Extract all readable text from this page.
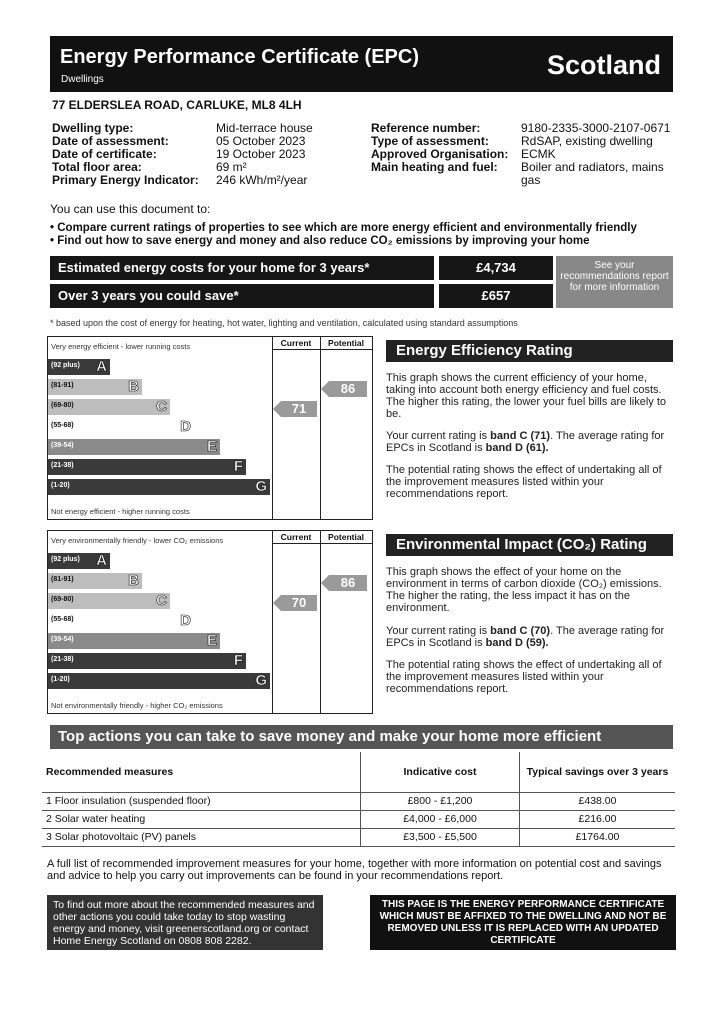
Energy Performance Certificate (EPC)
Dwellings	Scotland
77 ELDERSLEA ROAD, CARLUKE, ML8 4LH
Dwelling type:	Mid-terrace house
Date of assessment:	05 October 2023
Date of certificate:	19 October 2023
Total floor area:	69 m²
Primary Energy Indicator:	246 kWh/m²/year
Reference number:	9180-2335-3000-2107-0671
Type of assessment:	RdSAP, existing dwelling
Approved Organisation:	ECMK
Main heating and fuel:	Boiler and radiators, mains gas
You can use this document to:
• Compare current ratings of properties to see which are more energy efficient and environmentally friendly
• Find out how to save energy and money and also reduce CO₂ emissions by improving your home
Estimated energy costs for your home for 3 years*	£4,734
Over 3 years you could save*	£657
See your recommendations report for more information
* based upon the cost of energy for heating, hot water, lighting and ventilation, calculated using standard assumptions
Very energy efficient - lower running costs
Not energy efficient - higher running costs
Current	Potential
(92 plus) A
(81-91)	B
(69-80)	C
(55-68)	D
(39-54)	E
(21-38)	F
(1-20)	G
71
86
Very environmentally friendly - lower CO₂ emissions
Not environmentally friendly - higher CO₂ emissions
Current	Potential
(92 plus) A
(81-91)	B
(69-80)	C
(55-68)	D
(39-54)	E
(21-38)	F
(1-20)	G
70
86
Energy Efficiency Rating
This graph shows the current efficiency of your home, taking into account both energy efficiency and fuel costs. The higher this rating, the lower your fuel bills are likely to be.
Your current rating is band C (71). The average rating for EPCs in Scotland is band D (61).
The potential rating shows the effect of undertaking all of the improvement measures listed within your recommendations report.
Environmental Impact (CO₂) Rating
This graph shows the effect of your home on the environment in terms of carbon dioxide (CO₂) emissions. The higher the rating, the less impact it has on the environment.
Your current rating is band C (70). The average rating for EPCs in Scotland is band D (59).
The potential rating shows the effect of undertaking all of the improvement measures listed within your recommendations report.
Top actions you can take to save money and make your home more efficient
Recommended measures	Indicative cost	Typical savings over 3 years
1 Floor insulation (suspended floor)	£800 - £1,200	£438.00
2 Solar water heating	£4,000 - £6,000	£216.00
3 Solar photovoltaic (PV) panels	£3,500 - £5,500	£1764.00
A full list of recommended improvement measures for your home, together with more information on potential cost and savings and advice to help you carry out improvements can be found in your recommendations report.
To find out more about the recommended measures and other actions you could take today to stop wasting energy and money, visit greenerscotland.org or contact Home Energy Scotland on 0808 808 2282.
THIS PAGE IS THE ENERGY PERFORMANCE CERTIFICATE WHICH MUST BE AFFIXED TO THE DWELLING AND NOT BE REMOVED UNLESS IT IS REPLACED WITH AN UPDATED CERTIFICATE
